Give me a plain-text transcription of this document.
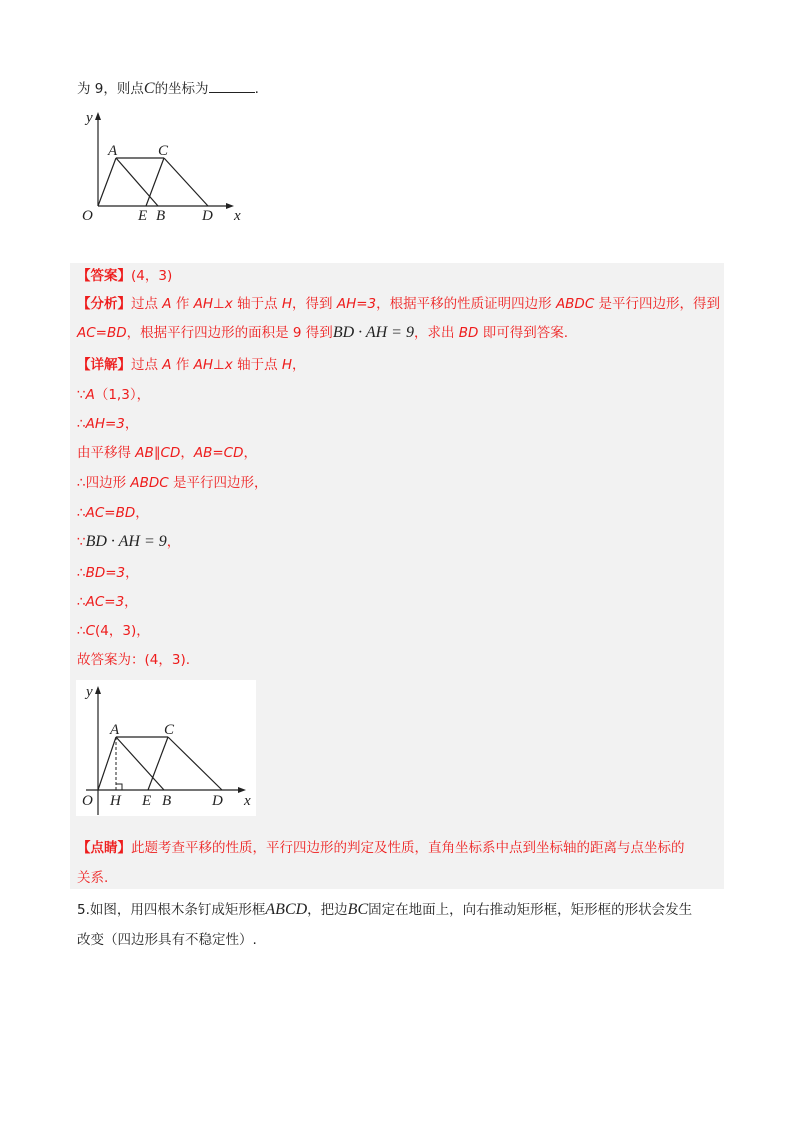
为 9，则点C的坐标为	.
y
x
O
A	C
E B D
【答案】(4，3)
【分析】过点 A 作 AH⊥x 轴于点 H，得到 AH=3，根据平移的性质证明四边形 ABDC 是平行四边形，得到
AC=BD，根据平行四边形的面积是 9 得到BD · AH = 9，求出 BD 即可得到答案.
【详解】过点 A 作 AH⊥x 轴于点 H，
∵A（1,3），
∴AH=3，
由平移得 AB∥CD，AB=CD，
∴四边形 ABDC 是平行四边形，
∴AC=BD，
∵BD · AH = 9，
∴BD=3，
∴AC=3，
∴C(4，3)，
故答案为：(4，3).
y
x
O
A	C
H E B	D
【点睛】此题考查平移的性质，平行四边形的判定及性质，直角坐标系中点到坐标轴的距离与点坐标的
关系.
5.如图，用四根木条钉成矩形框ABCD，把边BC固定在地面上，向右推动矩形框，矩形框的形状会发生
改变（四边形具有不稳定性）.
